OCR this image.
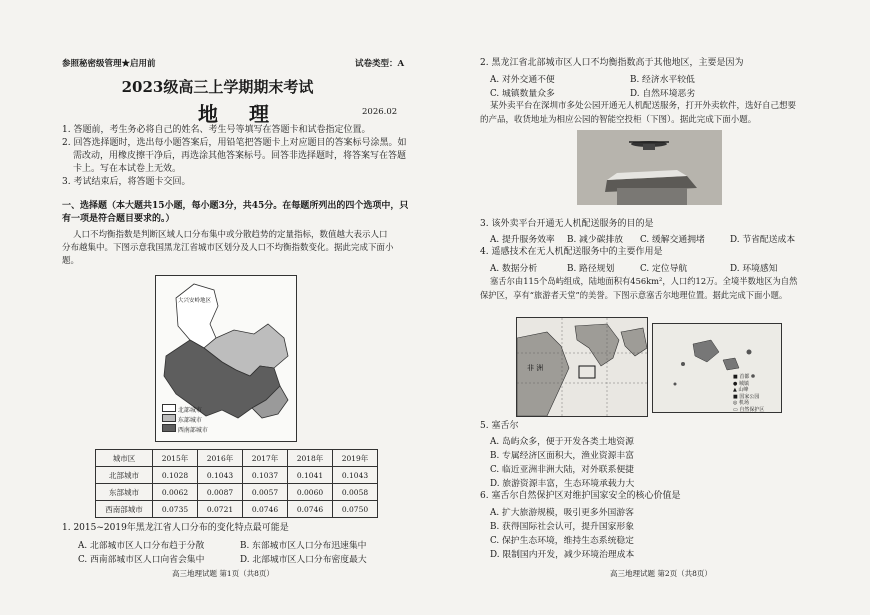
参照秘密级管理★启用前	试卷类型：A
2023级高三上学期期末考试
地 理	2026.02
1. 答题前，考生务必将自己的姓名、考生号等填写在答题卡和试卷指定位置。
2. 回答选择题时，选出每小题答案后，用铅笔把答题卡上对应题目的答案标号涂黑。如
需改动，用橡皮擦干净后，再选涂其他答案标号。回答非选择题时，将答案写在答题
卡上。写在本试卷上无效。
3. 考试结束后，将答题卡交回。
一、选择题（本大题共15小题，每小题3分，共45分。在每题所列出的四个选项中，只
有一项是符合题目要求的。）
人口不均衡指数是判断区域人口分布集中或分散趋势的定量指标，数值越大表示人口
分布越集中。下图示意我国黑龙江省城市区划分及人口不均衡指数变化。据此完成下面小
题。
大兴安岭地区
北部城市
东部城市
西南部城市
城市区	2015年	2016年	2017年	2018年	2019年
北部城市	0.1028	0.1043	0.1037	0.1041	0.1043
东部城市	0.0062	0.0087	0.0057	0.0060	0.0058
西南部城市	0.0735	0.0721	0.0746	0.0746	0.0750
1. 2015~2019年黑龙江省人口分布的变化特点最可能是
A. 北部城市区人口分布趋于分散	B. 东部城市区人口分布迅速集中
C. 西南部城市区人口向省会集中	D. 北部城市区人口分布密度最大
高三地理试题 第1页（共8页）
2. 黑龙江省北部城市区人口不均衡指数高于其他地区，主要是因为
A. 对外交通不便	B. 经济水平较低
C. 城镇数量众多	D. 自然环境恶劣
某外卖平台在深圳市多处公园开通无人机配送服务，打开外卖软件，选好自己想要
的产品，收货地址为相应公园的智能空投柜（下图）。据此完成下面小题。
3. 该外卖平台开通无人机配送服务的目的是
A. 提升服务效率 B. 减少碳排放 C. 缓解交通拥堵	D. 节省配送成本
4. 遥感技术在无人机配送服务中的主要作用是
A. 数据分析	B. 路径规划	C. 定位导航	D. 环境感知
塞舌尔由115个岛屿组成，陆地面积有456km²，人口约12万。全境半数地区为自然
保护区，享有“旅游者天堂”的美誉。下图示意塞舌尔地理位置。据此完成下面小题。
非 洲
■ 首都
● 城镇
▲ 山峰
■ 国家公园
◎ 机场
▭ 自然保护区
5. 塞舌尔
A. 岛屿众多，便于开发各类土地资源
B. 专属经济区面积大，渔业资源丰富
C. 临近亚洲非洲大陆，对外联系便捷
D. 旅游资源丰富，生态环境承载力大
6. 塞舌尔自然保护区对维护国家安全的核心价值是
A. 扩大旅游规模，吸引更多外国游客
B. 获得国际社会认可，提升国家形象
C. 保护生态环境，维持生态系统稳定
D. 限制国内开发，减少环境治理成本
高三地理试题 第2页（共8页）
